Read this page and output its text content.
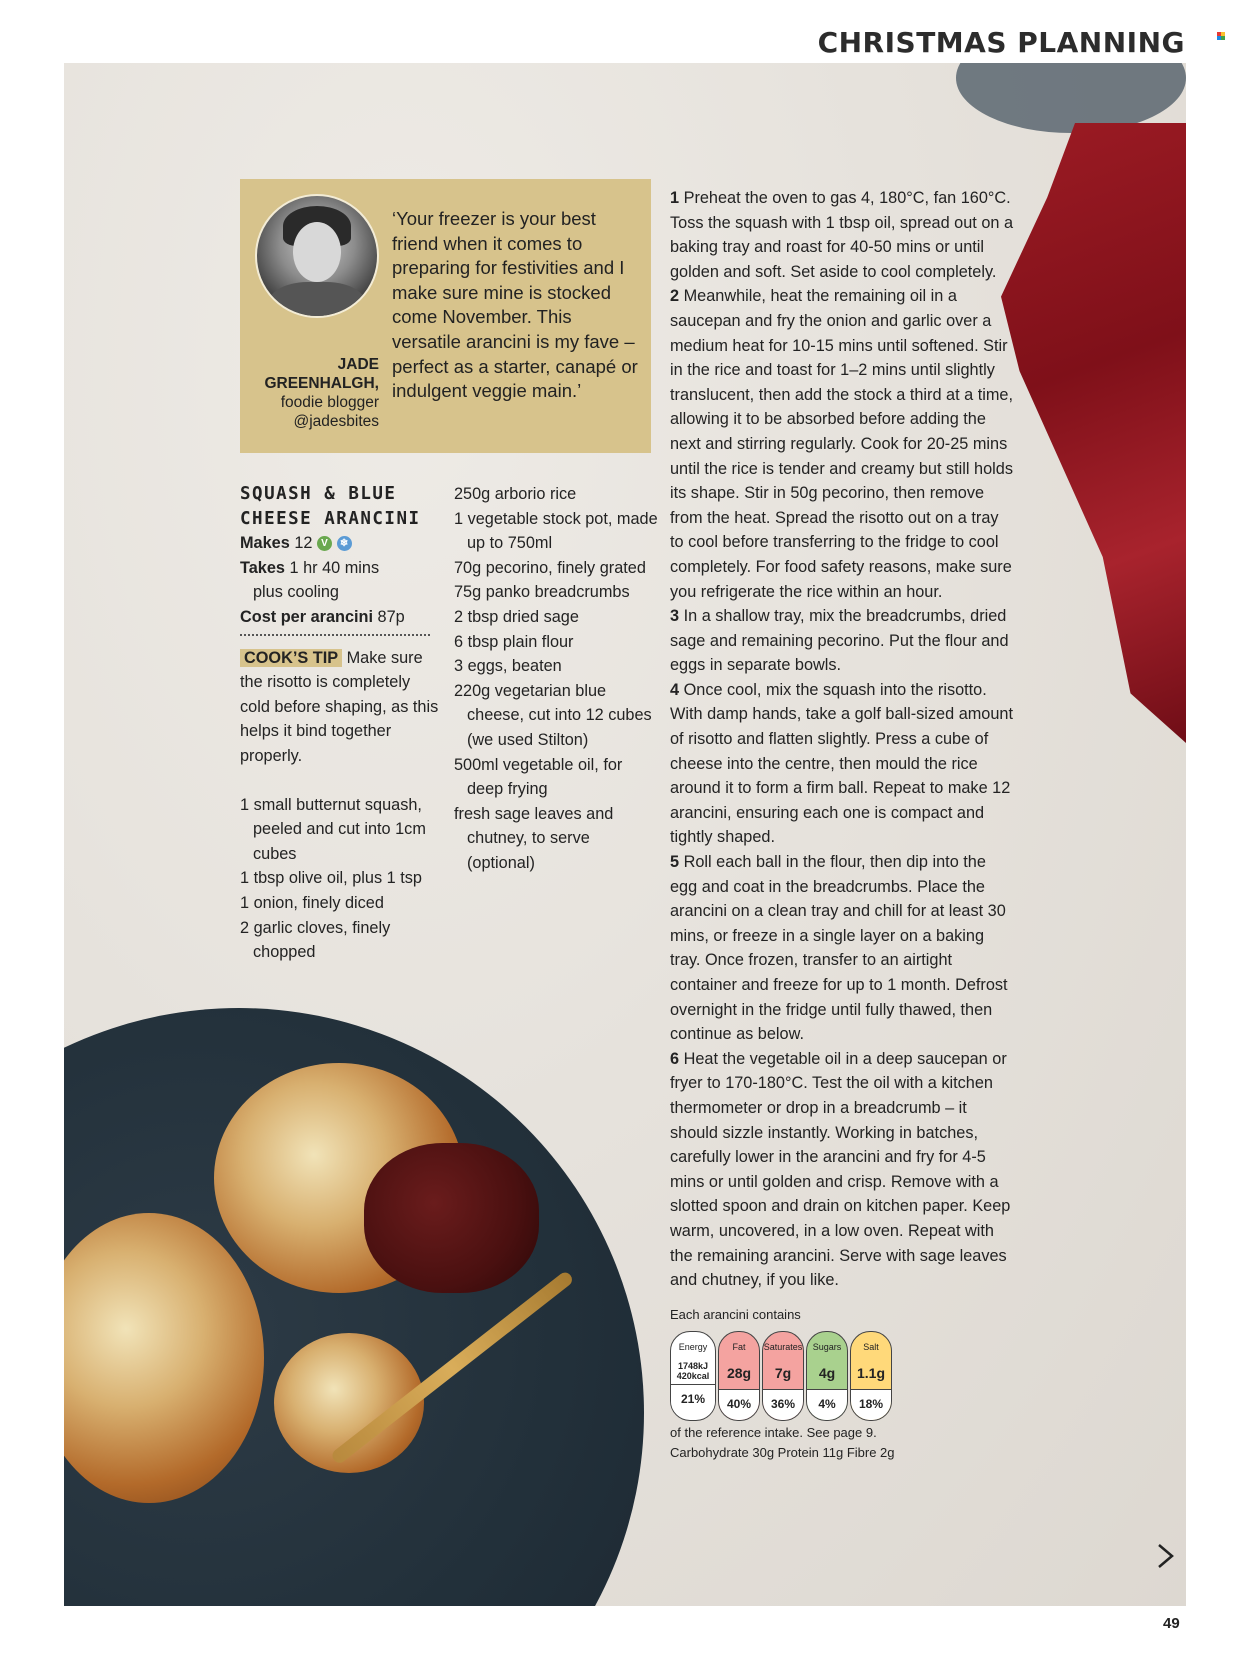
CHRISTMAS PLANNING
‘Your freezer is your best friend when it comes to preparing for festivities and I make sure mine is stocked come November. This versatile arancini is my fave – perfect as a starter, canapé or indulgent veggie main.’
JADE
GREENHALGH,
foodie blogger
@jadesbites

SQUASH & BLUE

CHEESE ARANCINI

Makes 12 V ❄

Takes 1 hr 40 mins

plus cooling

Cost per arancini 87p

COOK’S TIP Make sure the risotto is completely cold before shaping, as this helps it bind together properly.

1 small butternut squash, peeled and cut into 1cm cubes

1 tbsp olive oil, plus 1 tsp

1 onion, finely diced

2 garlic cloves, finely chopped

250g arborio rice

1 vegetable stock pot, made up to 750ml

70g pecorino, finely grated

75g panko breadcrumbs

2 tbsp dried sage

6 tbsp plain flour

3 eggs, beaten

220g vegetarian blue cheese, cut into 12 cubes (we used Stilton)

500ml vegetable oil, for deep frying

fresh sage leaves and chutney, to serve (optional)

1 Preheat the oven to gas 4, 180°C, fan 160°C. Toss the squash with 1 tbsp oil, spread out on a baking tray and roast for 40-50 mins or until golden and soft. Set aside to cool completely.

2 Meanwhile, heat the remaining oil in a saucepan and fry the onion and garlic over a medium heat for 10-15 mins until softened. Stir in the rice and toast for 1–2 mins until slightly translucent, then add the stock a third at a time, allowing it to be absorbed before adding the next and stirring regularly. Cook for 20-25 mins until the rice is tender and creamy but still holds its shape. Stir in 50g pecorino, then remove from the heat. Spread the risotto out on a tray to cool before transferring to the fridge to cool completely. For food safety reasons, make sure you refrigerate the rice within an hour.

3 In a shallow tray, mix the breadcrumbs, dried sage and remaining pecorino. Put the flour and eggs in separate bowls.

4 Once cool, mix the squash into the risotto. With damp hands, take a golf ball-sized amount of risotto and flatten slightly. Press a cube of cheese into the centre, then mould the rice around it to form a firm ball. Repeat to make 12 arancini, ensuring each one is compact and tightly shaped.

5 Roll each ball in the flour, then dip into the egg and coat in the breadcrumbs. Place the arancini on a clean tray and chill for at least 30 mins, or freeze in a single layer on a baking tray. Once frozen, transfer to an airtight container and freeze for up to 1 month. Defrost overnight in the fridge until fully thawed, then continue as below.

6 Heat the vegetable oil in a deep saucepan or fryer to 170-180°C. Test the oil with a kitchen thermometer or drop in a breadcrumb – it should sizzle instantly. Working in batches, carefully lower in the arancini and fry for 4-5 mins or until golden and crisp. Remove with a slotted spoon and drain on kitchen paper. Keep warm, uncovered, in a low oven. Repeat with the remaining arancini. Serve with sage leaves and chutney, if you like.

Each arancini contains
Energy
1748kJ 420kcal
21%
Fat
28g
40%
Saturates
7g
36%
Sugars
4g
4%
Salt
1.1g
18%
of the reference intake. See page 9.
Carbohydrate 30g Protein 11g Fibre 2g
49
